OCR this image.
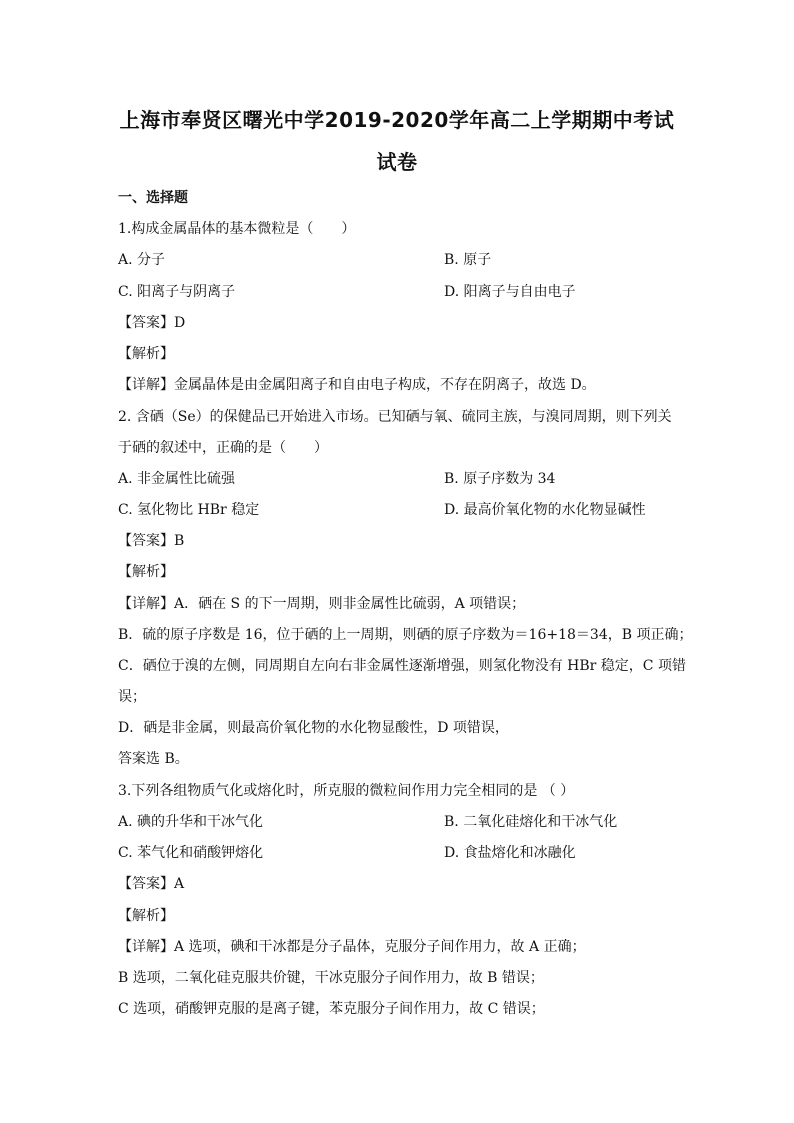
上海市奉贤区曙光中学2019-2020学年高二上学期期中考试
试卷
一、选择题
1.构成金属晶体的基本微粒是（　　）
A. 分子	B. 原子
C. 阳离子与阴离子	D. 阳离子与自由电子
【答案】D
【解析】
【详解】金属晶体是由金属阳离子和自由电子构成，不存在阴离子，故选 D。
2. 含硒（Se）的保健品已开始进入市场。已知硒与氧、硫同主族，与溴同周期，则下列关
于硒的叙述中，正确的是（　　）
A. 非金属性比硫强	B. 原子序数为 34
C. 氢化物比 HBr 稳定	D. 最高价氧化物的水化物显碱性
【答案】B
【解析】
【详解】A．硒在 S 的下一周期，则非金属性比硫弱，A 项错误；
B．硫的原子序数是 16，位于硒的上一周期，则硒的原子序数为＝16+18＝34，B 项正确；
C．硒位于溴的左侧，同周期自左向右非金属性逐渐增强，则氢化物没有 HBr 稳定，C 项错
误；
D．硒是非金属，则最高价氧化物的水化物显酸性，D 项错误，
答案选 B。
3.下列各组物质气化或熔化时，所克服的微粒间作用力完全相同的是 （ ）
A. 碘的升华和干冰气化	B. 二氧化硅熔化和干冰气化
C. 苯气化和硝酸钾熔化	D. 食盐熔化和冰融化
【答案】A
【解析】
【详解】A 选项，碘和干冰都是分子晶体，克服分子间作用力，故 A 正确；
B 选项，二氧化硅克服共价键，干冰克服分子间作用力，故 B 错误；
C 选项，硝酸钾克服的是离子键，苯克服分子间作用力，故 C 错误；
